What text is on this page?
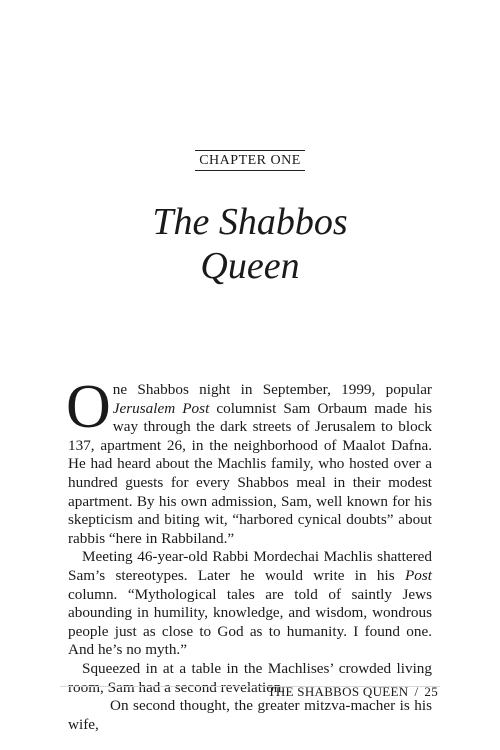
CHAPTER ONE
The Shabbos
Queen

One Shabbos night in September, 1999, popular Jerusalem Post columnist Sam Orbaum made his way through the dark streets of Jerusalem to block 137, apartment 26, in the neighborhood of Maalot Dafna. He had heard about the Machlis family, who hosted over a hundred guests for every Shabbos meal in their modest apartment. By his own admission, Sam, well known for his skepticism and biting wit, “harbored cynical doubts” about rabbis “here in Rabbiland.”

Meeting 46-year-old Rabbi Mordechai Machlis shattered Sam’s stereotypes. Later he would write in his Post column. “Mythological tales are told of saintly Jews abounding in humility, knowledge, and wisdom, wondrous people just as close to God as to humanity. I found one. And he’s no myth.”

Squeezed in at a table in the Machlises’ crowded living room, Sam had a second revelation.

On second thought, the greater mitzva-macher is his wife,

THE SHABBOS QUEEN / 25
